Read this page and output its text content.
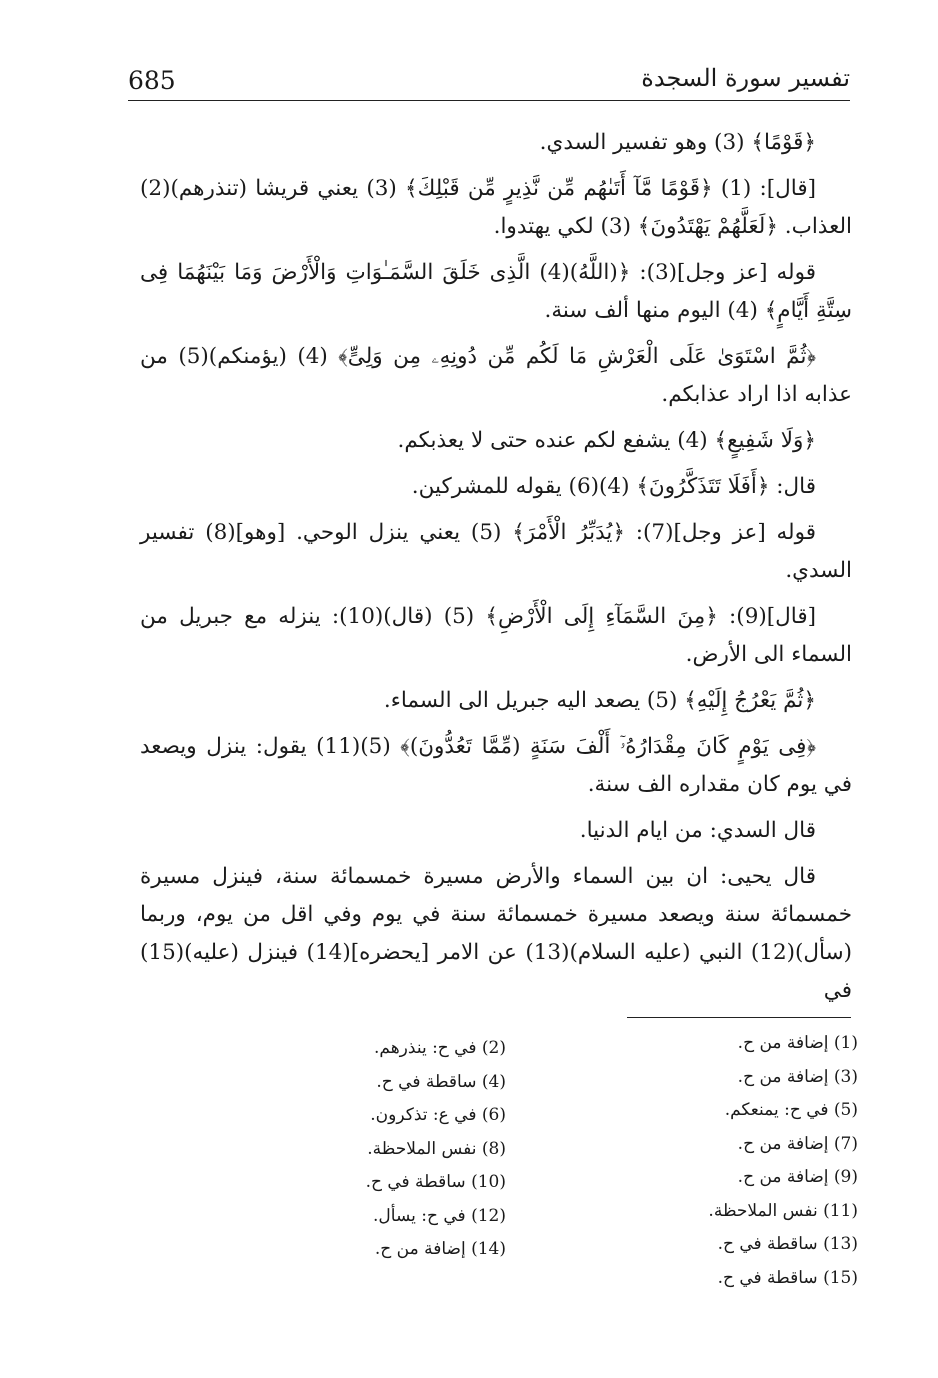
685	تفسير سورة السجدة

﴿قَوْمًا﴾ (3) وهو تفسير السدي.

[قال]: (1) ﴿قَوْمًا مَّآ أَتَىٰهُم مِّن نَّذِيرٍ مِّن قَبْلِكَ﴾ (3) يعني قريشا (تنذرهم)(2) العذاب. ﴿لَعَلَّهُمْ يَهْتَدُونَ﴾ (3) لكي يهتدوا.

قوله [عز وجل](3): ﴿(اللَّهُ)(4) الَّذِى خَلَقَ السَّمَـٰوَاتِ وَالْأَرْضَ وَمَا بَيْنَهُمَا فِى سِتَّةِ أَيَّامٍ﴾ (4) اليوم منها ألف سنة.

﴿ثُمَّ اسْتَوَىٰ عَلَى الْعَرْشِ مَا لَكُم مِّن دُونِهِۦ مِن وَلِىٍّ﴾ (4) (يؤمنكم)(5) من عذابه اذا اراد عذابكم.

﴿وَلَا شَفِيعٍ﴾ (4) يشفع لكم عنده حتى لا يعذبكم.

قال: ﴿أَفَلَا تَتَذَكَّرُونَ﴾ (4)(6) يقوله للمشركين.

قوله [عز وجل](7): ﴿يُدَبِّرُ الْأَمْرَ﴾ (5) يعني ينزل الوحي. [وهو](8) تفسير السدي.

[قال](9): ﴿مِنَ السَّمَآءِ إِلَى الْأَرْضِ﴾ (5) (قال)(10): ينزله مع جبريل من السماء الى الأرض.

﴿ثُمَّ يَعْرُجُ إِلَيْهِ﴾ (5) يصعد اليه جبريل الى السماء.

﴿فِى يَوْمٍ كَانَ مِقْدَارُهُۥٓ أَلْفَ سَنَةٍ (مِّمَّا تَعُدُّونَ)﴾ (5)(11) يقول: ينزل ويصعد في يوم كان مقداره الف سنة.

قال السدي: من ايام الدنيا.

قال يحيى: ان بين السماء والأرض مسيرة خمسمائة سنة، فينزل مسيرة خمسمائة سنة ويصعد مسيرة خمسمائة سنة في يوم وفي اقل من يوم، وربما (سأل)(12) النبي (عليه السلام)(13) عن الامر [يحضره](14) فينزل (عليه)(15) في

(1) إضافة من ح.
(3) إضافة من ح.
(5) في ح: يمنعكم.
(7) إضافة من ح.
(9) إضافة من ح.
(11) نفس الملاحظة.
(13) ساقطة في ح.
(15) ساقطة في ح.
(2) في ح: ينذرهم.
(4) ساقطة في ح.
(6) في ع: تذكرون.
(8) نفس الملاحظة.
(10) ساقطة في ح.
(12) في ح: يسأل.
(14) إضافة من ح.
